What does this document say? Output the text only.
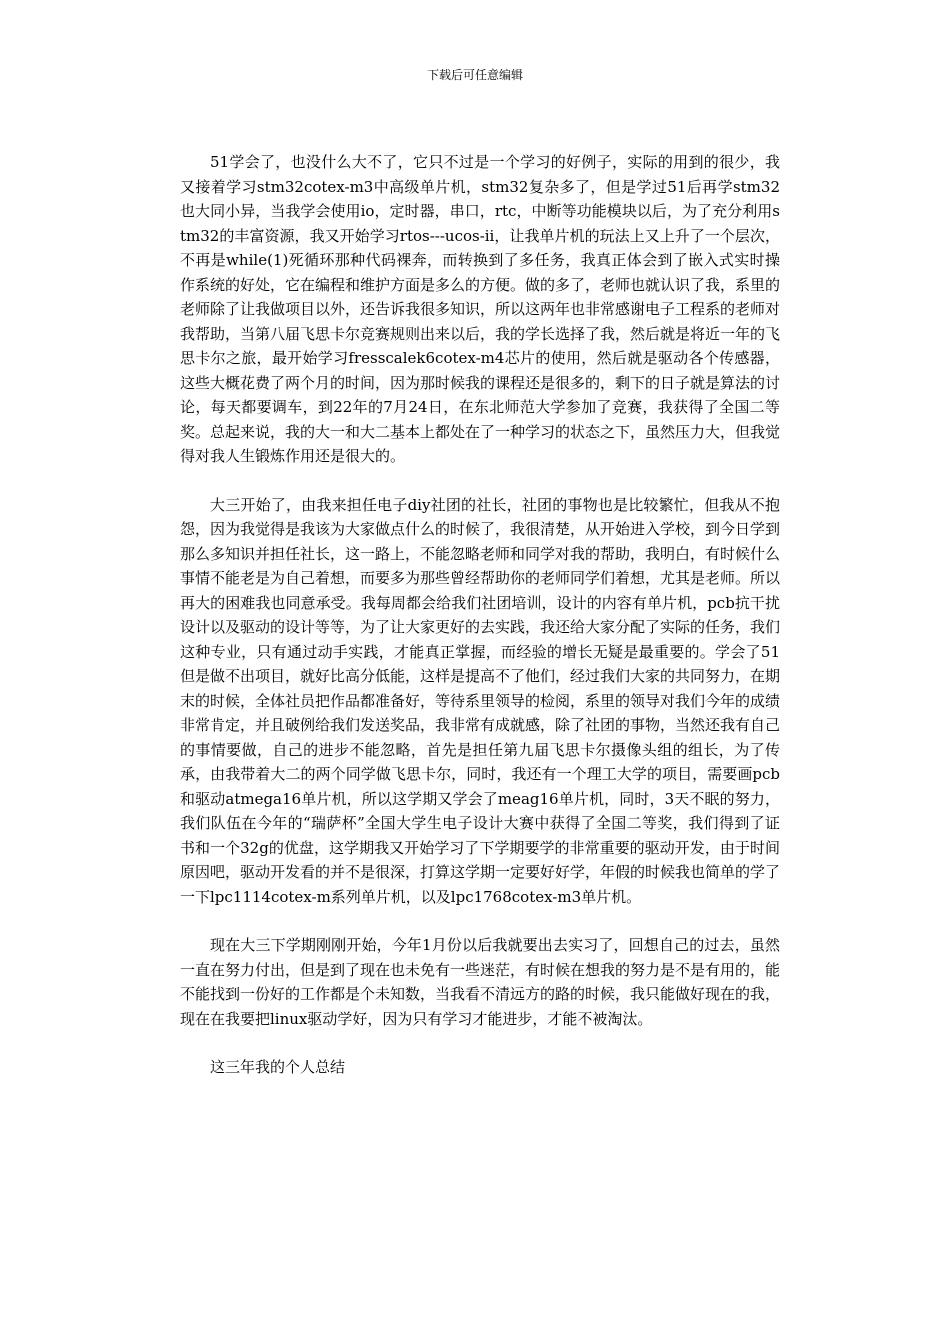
下载后可任意编辑

51学会了，也没什么大不了，它只不过是一个学习的好例子，实际的用到的很少，我又接着学习stm32cotex-m3中高级单片机，stm32复杂多了，但是学过51后再学stm32也大同小异，当我学会使用io，定时器，串口，rtc，中断等功能模块以后，为了充分利用stm32的丰富资源，我又开始学习rtos---ucos-ii，让我单片机的玩法上又上升了一个层次，不再是while(1)死循环那种代码裸奔，而转换到了多任务，我真正体会到了嵌入式实时操作系统的好处，它在编程和维护方面是多么的方便。做的多了，老师也就认识了我，系里的老师除了让我做项目以外，还告诉我很多知识，所以这两年也非常感谢电子工程系的老师对我帮助，当第八届飞思卡尔竞赛规则出来以后，我的学长选择了我，然后就是将近一年的飞思卡尔之旅，最开始学习fresscalek6cotex-m4芯片的使用，然后就是驱动各个传感器，这些大概花费了两个月的时间，因为那时候我的课程还是很多的，剩下的日子就是算法的讨论，每天都要调车，到22年的7月24日，在东北师范大学参加了竞赛，我获得了全国二等奖。总起来说，我的大一和大二基本上都处在了一种学习的状态之下，虽然压力大，但我觉得对我人生锻炼作用还是很大的。

大三开始了，由我来担任电子diy社团的社长，社团的事物也是比较繁忙，但我从不抱怨，因为我觉得是我该为大家做点什么的时候了，我很清楚，从开始进入学校，到今日学到那么多知识并担任社长，这一路上，不能忽略老师和同学对我的帮助，我明白，有时候什么事情不能老是为自己着想，而要多为那些曾经帮助你的老师同学们着想，尤其是老师。所以再大的困难我也同意承受。我每周都会给我们社团培训，设计的内容有单片机，pcb抗干扰设计以及驱动的设计等等，为了让大家更好的去实践，我还给大家分配了实际的任务，我们这种专业，只有通过动手实践，才能真正掌握，而经验的增长无疑是最重要的。学会了51但是做不出项目，就好比高分低能，这样是提高不了他们，经过我们大家的共同努力，在期末的时候，全体社员把作品都准备好，等待系里领导的检阅，系里的领导对我们今年的成绩非常肯定，并且破例给我们发送奖品，我非常有成就感，除了社团的事物，当然还我有自己的事情要做，自己的进步不能忽略，首先是担任第九届飞思卡尔摄像头组的组长，为了传承，由我带着大二的两个同学做飞思卡尔，同时，我还有一个理工大学的项目，需要画pcb和驱动atmega16单片机，所以这学期又学会了meag16单片机，同时，3天不眠的努力，我们队伍在今年的“瑞萨杯”全国大学生电子设计大赛中获得了全国二等奖，我们得到了证书和一个32g的优盘，这学期我又开始学习了下学期要学的非常重要的驱动开发，由于时间原因吧，驱动开发看的并不是很深，打算这学期一定要好好学，年假的时候我也简单的学了一下lpc1114cotex-m系列单片机，以及lpc1768cotex-m3单片机。

现在大三下学期刚刚开始，今年1月份以后我就要出去实习了，回想自己的过去，虽然一直在努力付出，但是到了现在也未免有一些迷茫，有时候在想我的努力是不是有用的，能不能找到一份好的工作都是个未知数，当我看不清远方的路的时候，我只能做好现在的我，现在在我要把linux驱动学好，因为只有学习才能进步，才能不被淘汰。

这三年我的个人总结
